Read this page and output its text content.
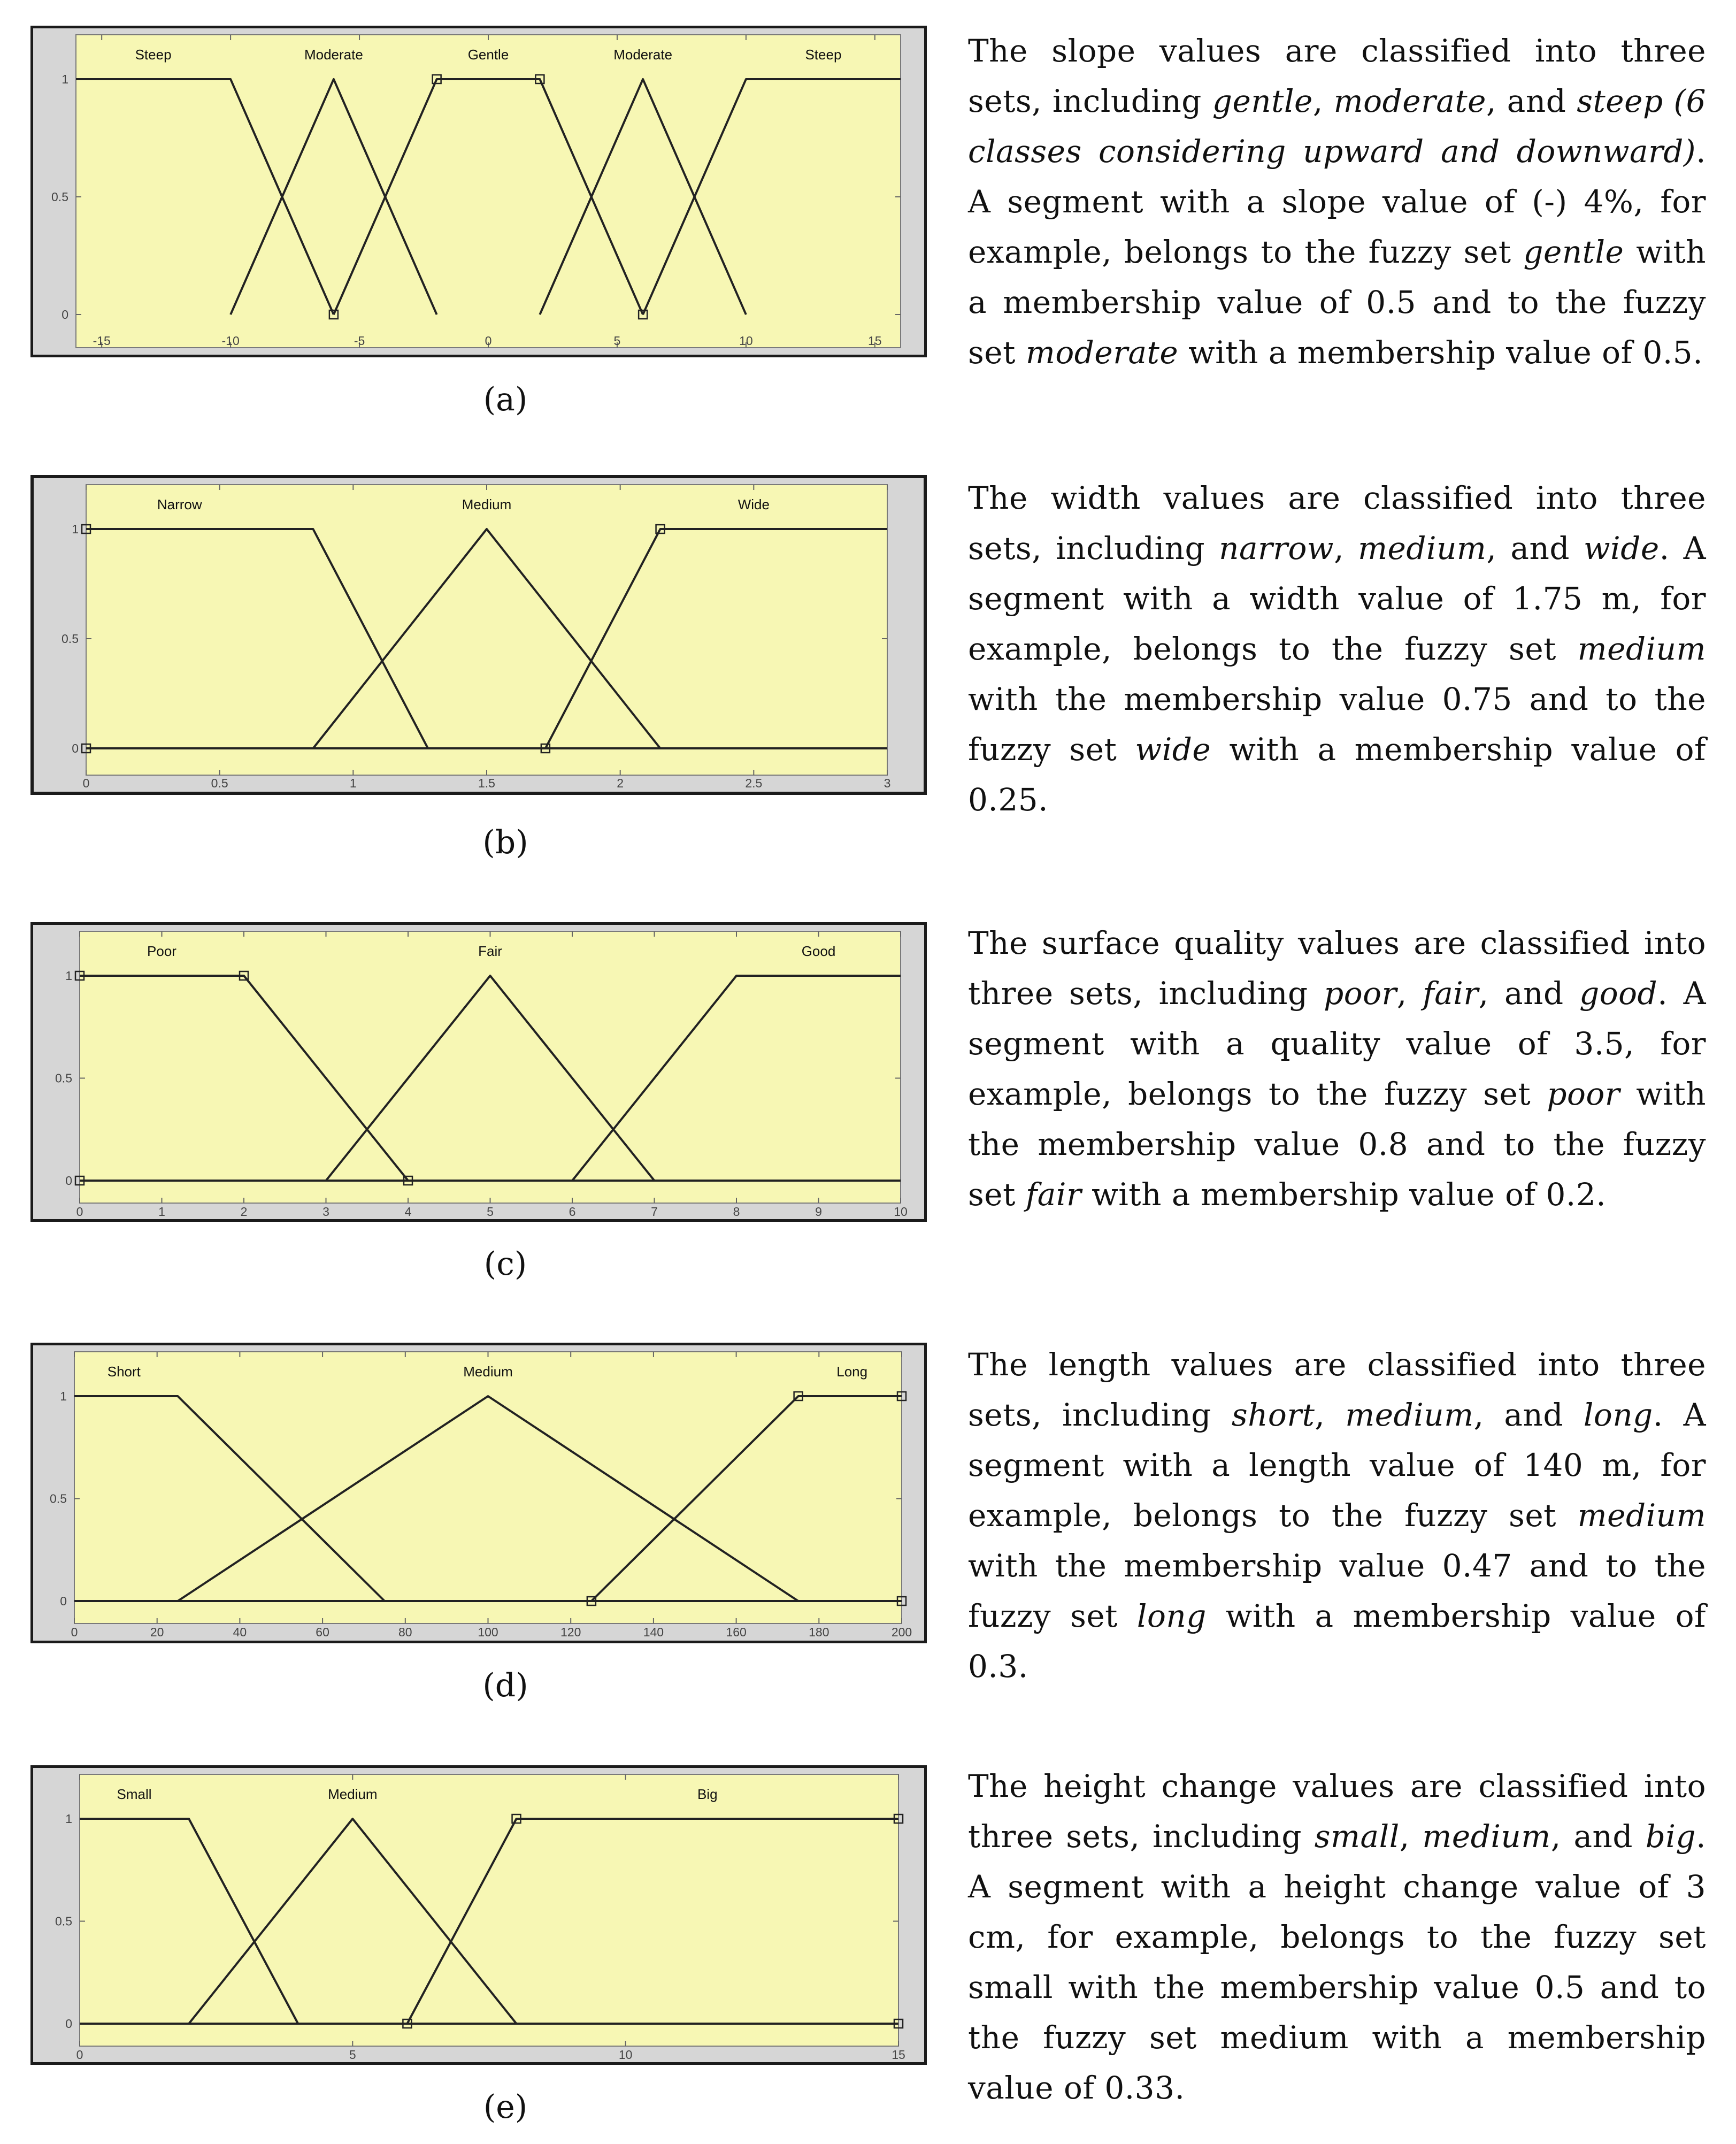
0
0.5
1
-15	-10	-5	0	5	10	15
Steep	Moderate	Gentle	Moderate	Steep
(a)
The slope values are classified into three sets, including gentle, moderate, and steep (6 classes considering upward and downward). A segment with a slope value of (-) 4%, for example, belongs to the fuzzy set gentle with a membership value of 0.5 and to the fuzzy set moderate with a membership value of 0.5.
0
0.5
1
0	0.5	1	1.5	2	2.5	3
Narrow	Medium	Wide
(b)
The width values are classified into three sets, including narrow, medium, and wide. A segment with a width value of 1.75 m, for example, belongs to the fuzzy set medium with the membership value 0.75 and to the fuzzy set wide with a membership value of 0.25.
0
0.5
1
0	1	2	3	4	5	6	7	8	9	10
Poor	Fair	Good
(c)
The surface quality values are classified into three sets, including poor, fair, and good. A segment with a quality value of 3.5, for example, belongs to the fuzzy set poor with the membership value 0.8 and to the fuzzy set fair with a membership value of 0.2.
0
0.5
1
0	20	40	60	80	100	120	140	160	180	200
Short	Medium	Long
(d)
The length values are classified into three sets, including short, medium, and long. A segment with a length value of 140 m, for example, belongs to the fuzzy set medium with the membership value 0.47 and to the fuzzy set long with a membership value of 0.3.
0
0.5
1
0	5	10	15
Small	Medium	Big
(e)
The height change values are classified into three sets, including small, medium, and big. A segment with a height change value of 3 cm, for example, belongs to the fuzzy set small with the membership value 0.5 and to the fuzzy set medium with a membership value of 0.33.
